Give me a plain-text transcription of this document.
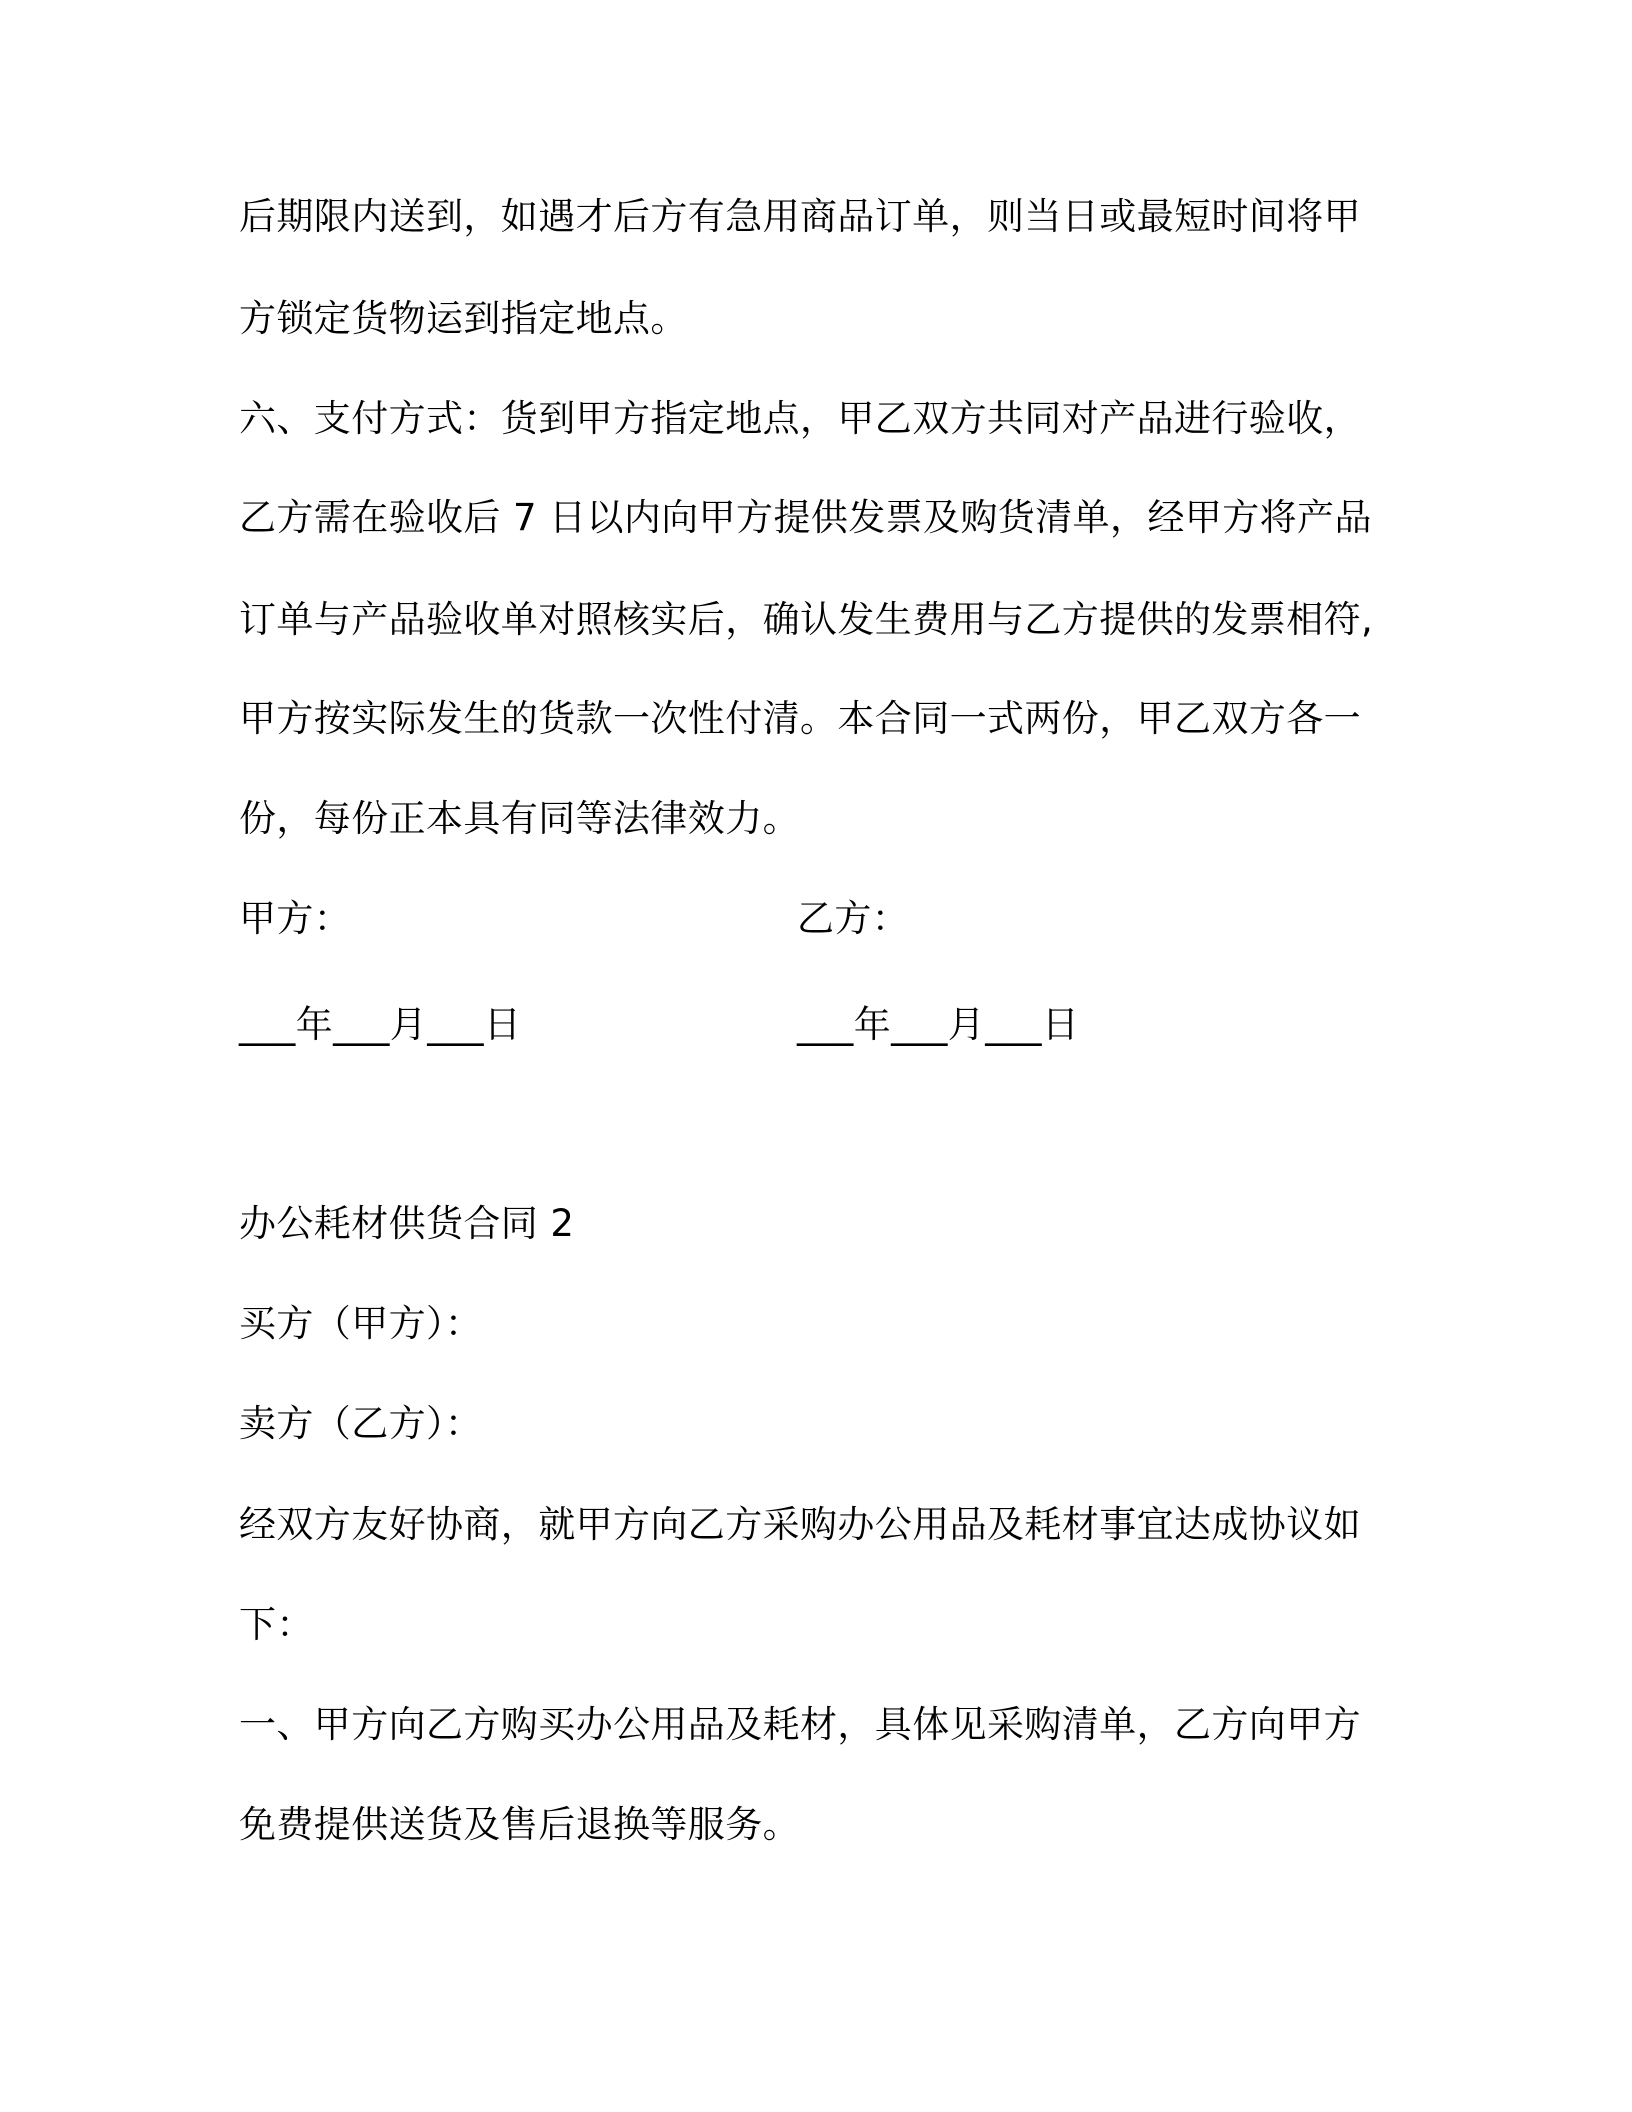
后期限内送到，如遇才后方有急用商品订单，则当日或最短时间将甲

方锁定货物运到指定地点。

六、支付方式：货到甲方指定地点，甲乙双方共同对产品进行验收，

乙方需在验收后 7 日以内向甲方提供发票及购货清单，经甲方将产品

订单与产品验收单对照核实后，确认发生费用与乙方提供的发票相符,

甲方按实际发生的货款一次性付清。本合同一式两份，甲乙双方各一

份，每份正本具有同等法律效力。

甲方：	乙方：

___年___月___日	___年___月___日

办公耗材供货合同 2

买方（甲方）：

卖方（乙方）：

经双方友好协商，就甲方向乙方采购办公用品及耗材事宜达成协议如

下：

一、甲方向乙方购买办公用品及耗材，具体见采购清单，乙方向甲方

免费提供送货及售后退换等服务。
